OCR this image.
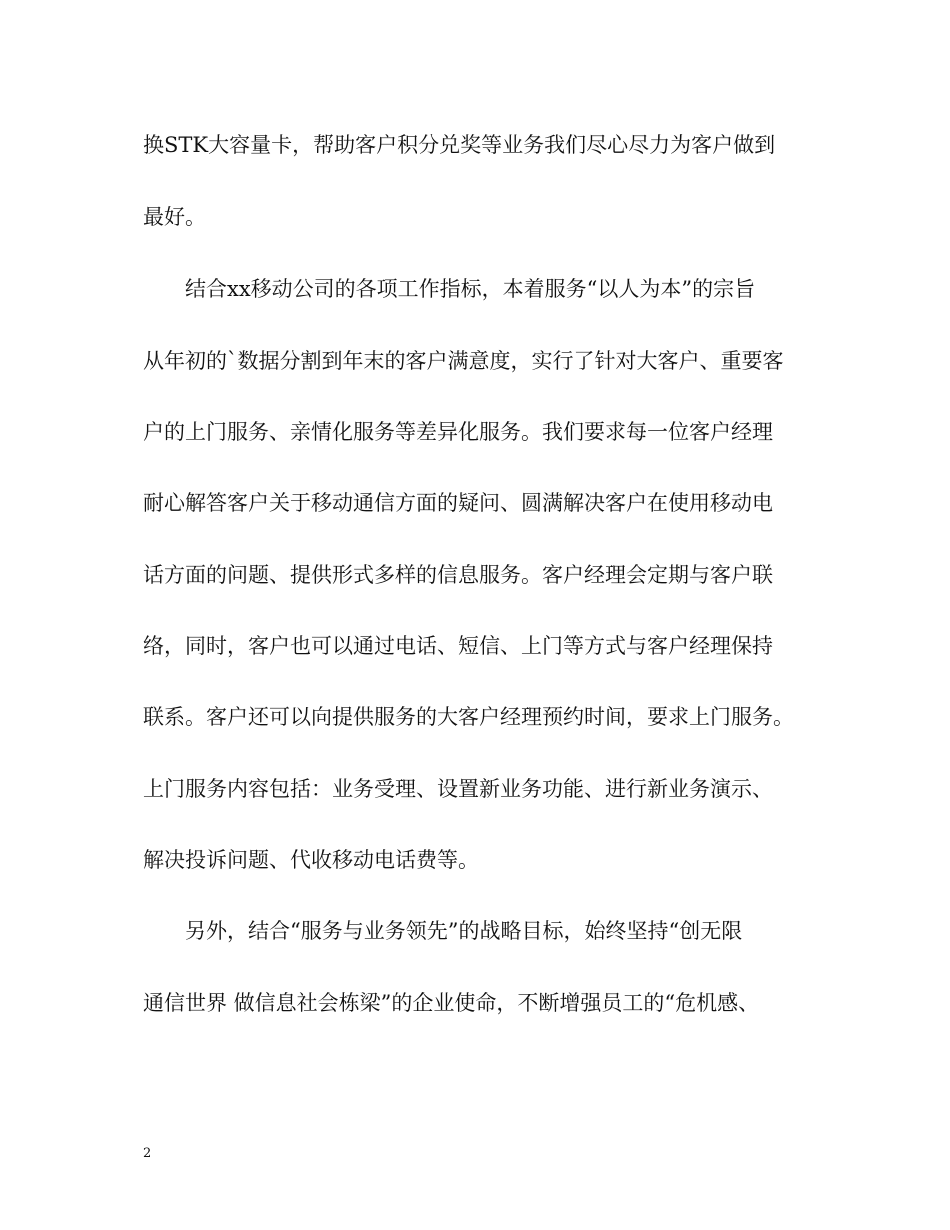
换STK大容量卡，帮助客户积分兑奖等业务我们尽心尽力为客户做到
最好。
结合xx移动公司的各项工作指标，本着服务“以人为本”的宗旨
从年初的`数据分割到年末的客户满意度，实行了针对大客户、重要客
户的上门服务、亲情化服务等差异化服务。我们要求每一位客户经理
耐心解答客户关于移动通信方面的疑问、圆满解决客户在使用移动电
话方面的问题、提供形式多样的信息服务。客户经理会定期与客户联
络，同时，客户也可以通过电话、短信、上门等方式与客户经理保持
联系。客户还可以向提供服务的大客户经理预约时间，要求上门服务。
上门服务内容包括：业务受理、设置新业务功能、进行新业务演示、
解决投诉问题、代收移动电话费等。
另外，结合“服务与业务领先”的战略目标，始终坚持“创无限
通信世界 做信息社会栋梁”的企业使命，不断增强员工的“危机感、
2
